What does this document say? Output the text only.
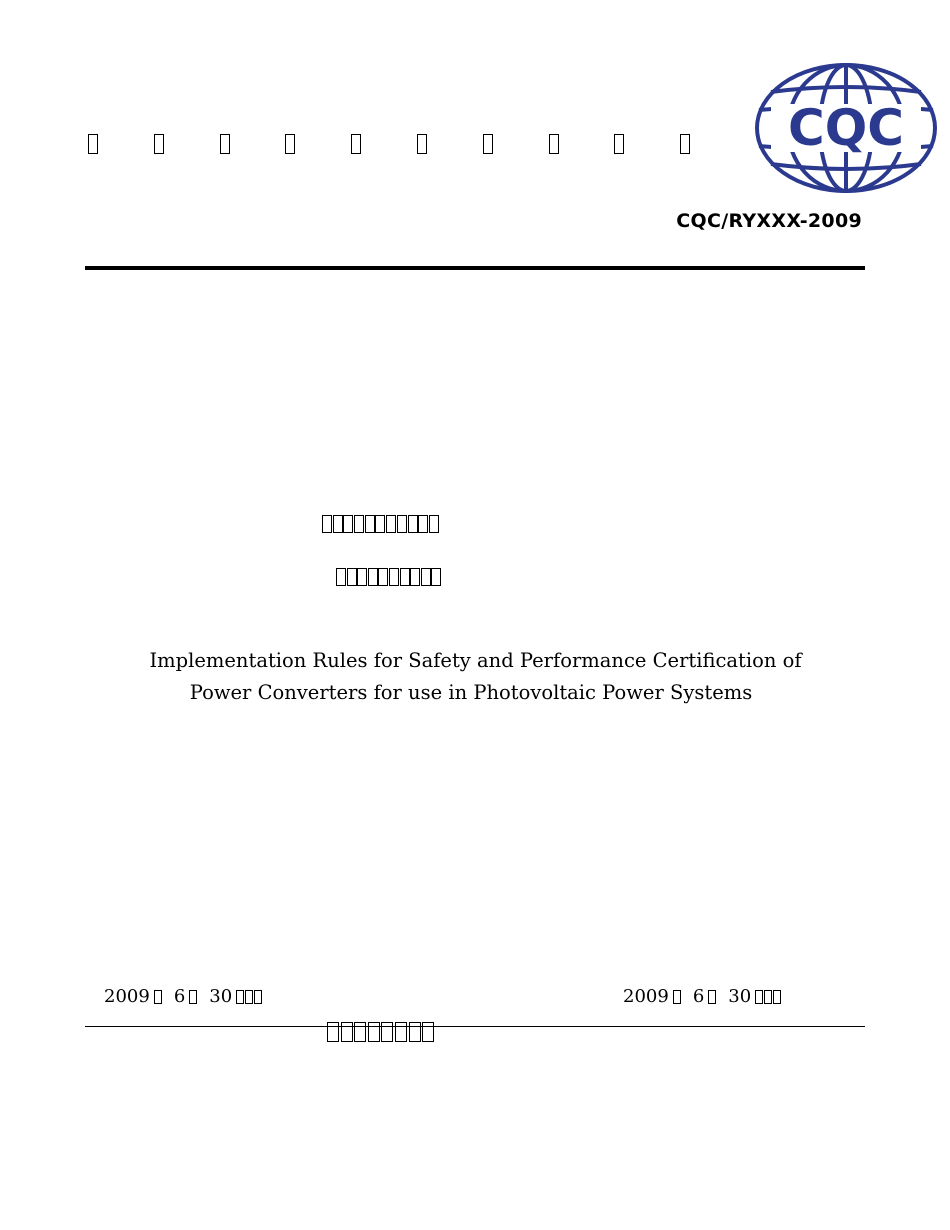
CQC
CQC/RYXXX-2009
Implementation Rules for Safety and Performance Certification of
Power Converters for use in Photovoltaic Power Systems
2009 6 30	2009 6 30
